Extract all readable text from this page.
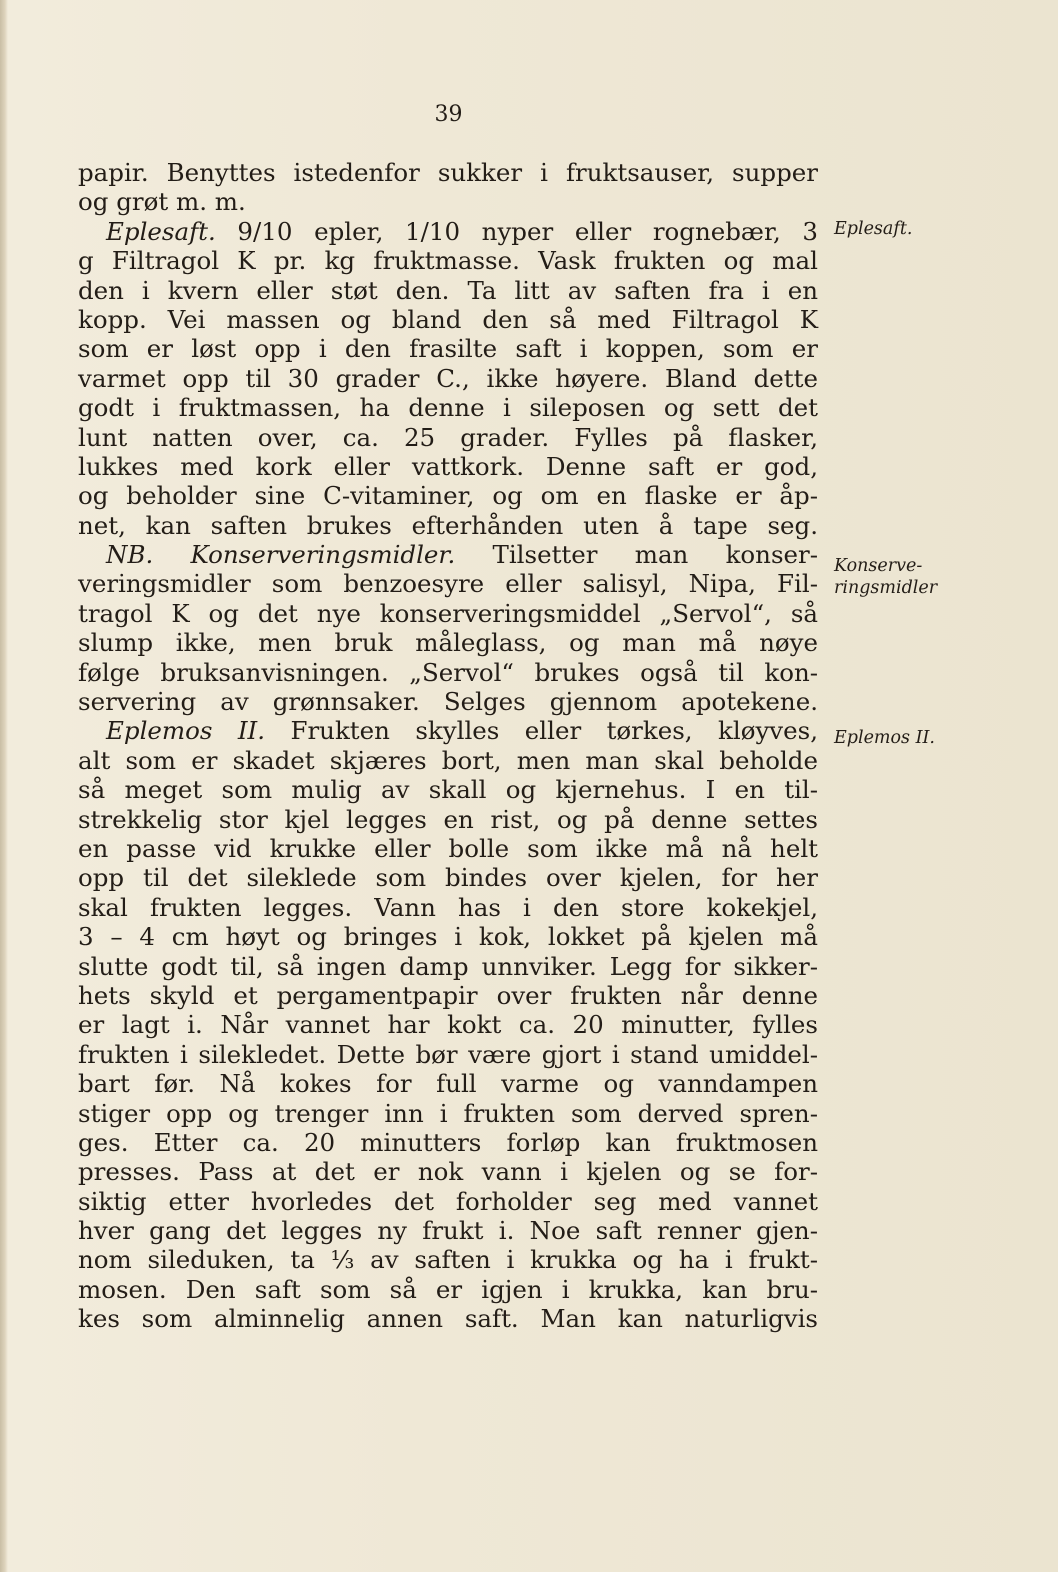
39
papir. Benyttes istedenfor sukker i fruktsauser, supper
og grøt m. m.
Eplesaft. 9/10 epler, 1/10 nyper eller rognebær, 3
g Filtragol K pr. kg fruktmasse. Vask frukten og mal
den i kvern eller støt den. Ta litt av saften fra i en
kopp. Vei massen og bland den så med Filtragol K
som er løst opp i den frasilte saft i koppen, som er
varmet opp til 30 grader C., ikke høyere. Bland dette
godt i fruktmassen, ha denne i sileposen og sett det
lunt natten over, ca. 25 grader. Fylles på flasker,
lukkes med kork eller vattkork. Denne saft er god,
og beholder sine C-vitaminer, og om en flaske er åp-
net, kan saften brukes efterhånden uten å tape seg.
NB. Konserveringsmidler. Tilsetter man konser-
veringsmidler som benzoesyre eller salisyl, Nipa, Fil-
tragol K og det nye konserveringsmiddel „Servol“, så
slump ikke, men bruk måleglass, og man må nøye
følge bruksanvisningen. „Servol“ brukes også til kon-
servering av grønnsaker. Selges gjennom apotekene.
Eplemos II. Frukten skylles eller tørkes, kløyves,
alt som er skadet skjæres bort, men man skal beholde
så meget som mulig av skall og kjernehus. I en til-
strekkelig stor kjel legges en rist, og på denne settes
en passe vid krukke eller bolle som ikke må nå helt
opp til det sileklede som bindes over kjelen, for her
skal frukten legges. Vann has i den store kokekjel,
3 – 4 cm høyt og bringes i kok, lokket på kjelen må
slutte godt til, så ingen damp unnviker. Legg for sikker-
hets skyld et pergamentpapir over frukten når denne
er lagt i. Når vannet har kokt ca. 20 minutter, fylles
frukten i silekledet. Dette bør være gjort i stand umiddel-
bart før. Nå kokes for full varme og vanndampen
stiger opp og trenger inn i frukten som derved spren-
ges. Etter ca. 20 minutters forløp kan fruktmosen
presses. Pass at det er nok vann i kjelen og se for-
siktig etter hvorledes det forholder seg med vannet
hver gang det legges ny frukt i. Noe saft renner gjen-
nom sileduken, ta ⅓ av saften i krukka og ha i frukt-
mosen. Den saft som så er igjen i krukka, kan bru-
kes som alminnelig annen saft. Man kan naturligvis
Eplesaft.
Konserve-
ringsmidler
Eplemos II.
